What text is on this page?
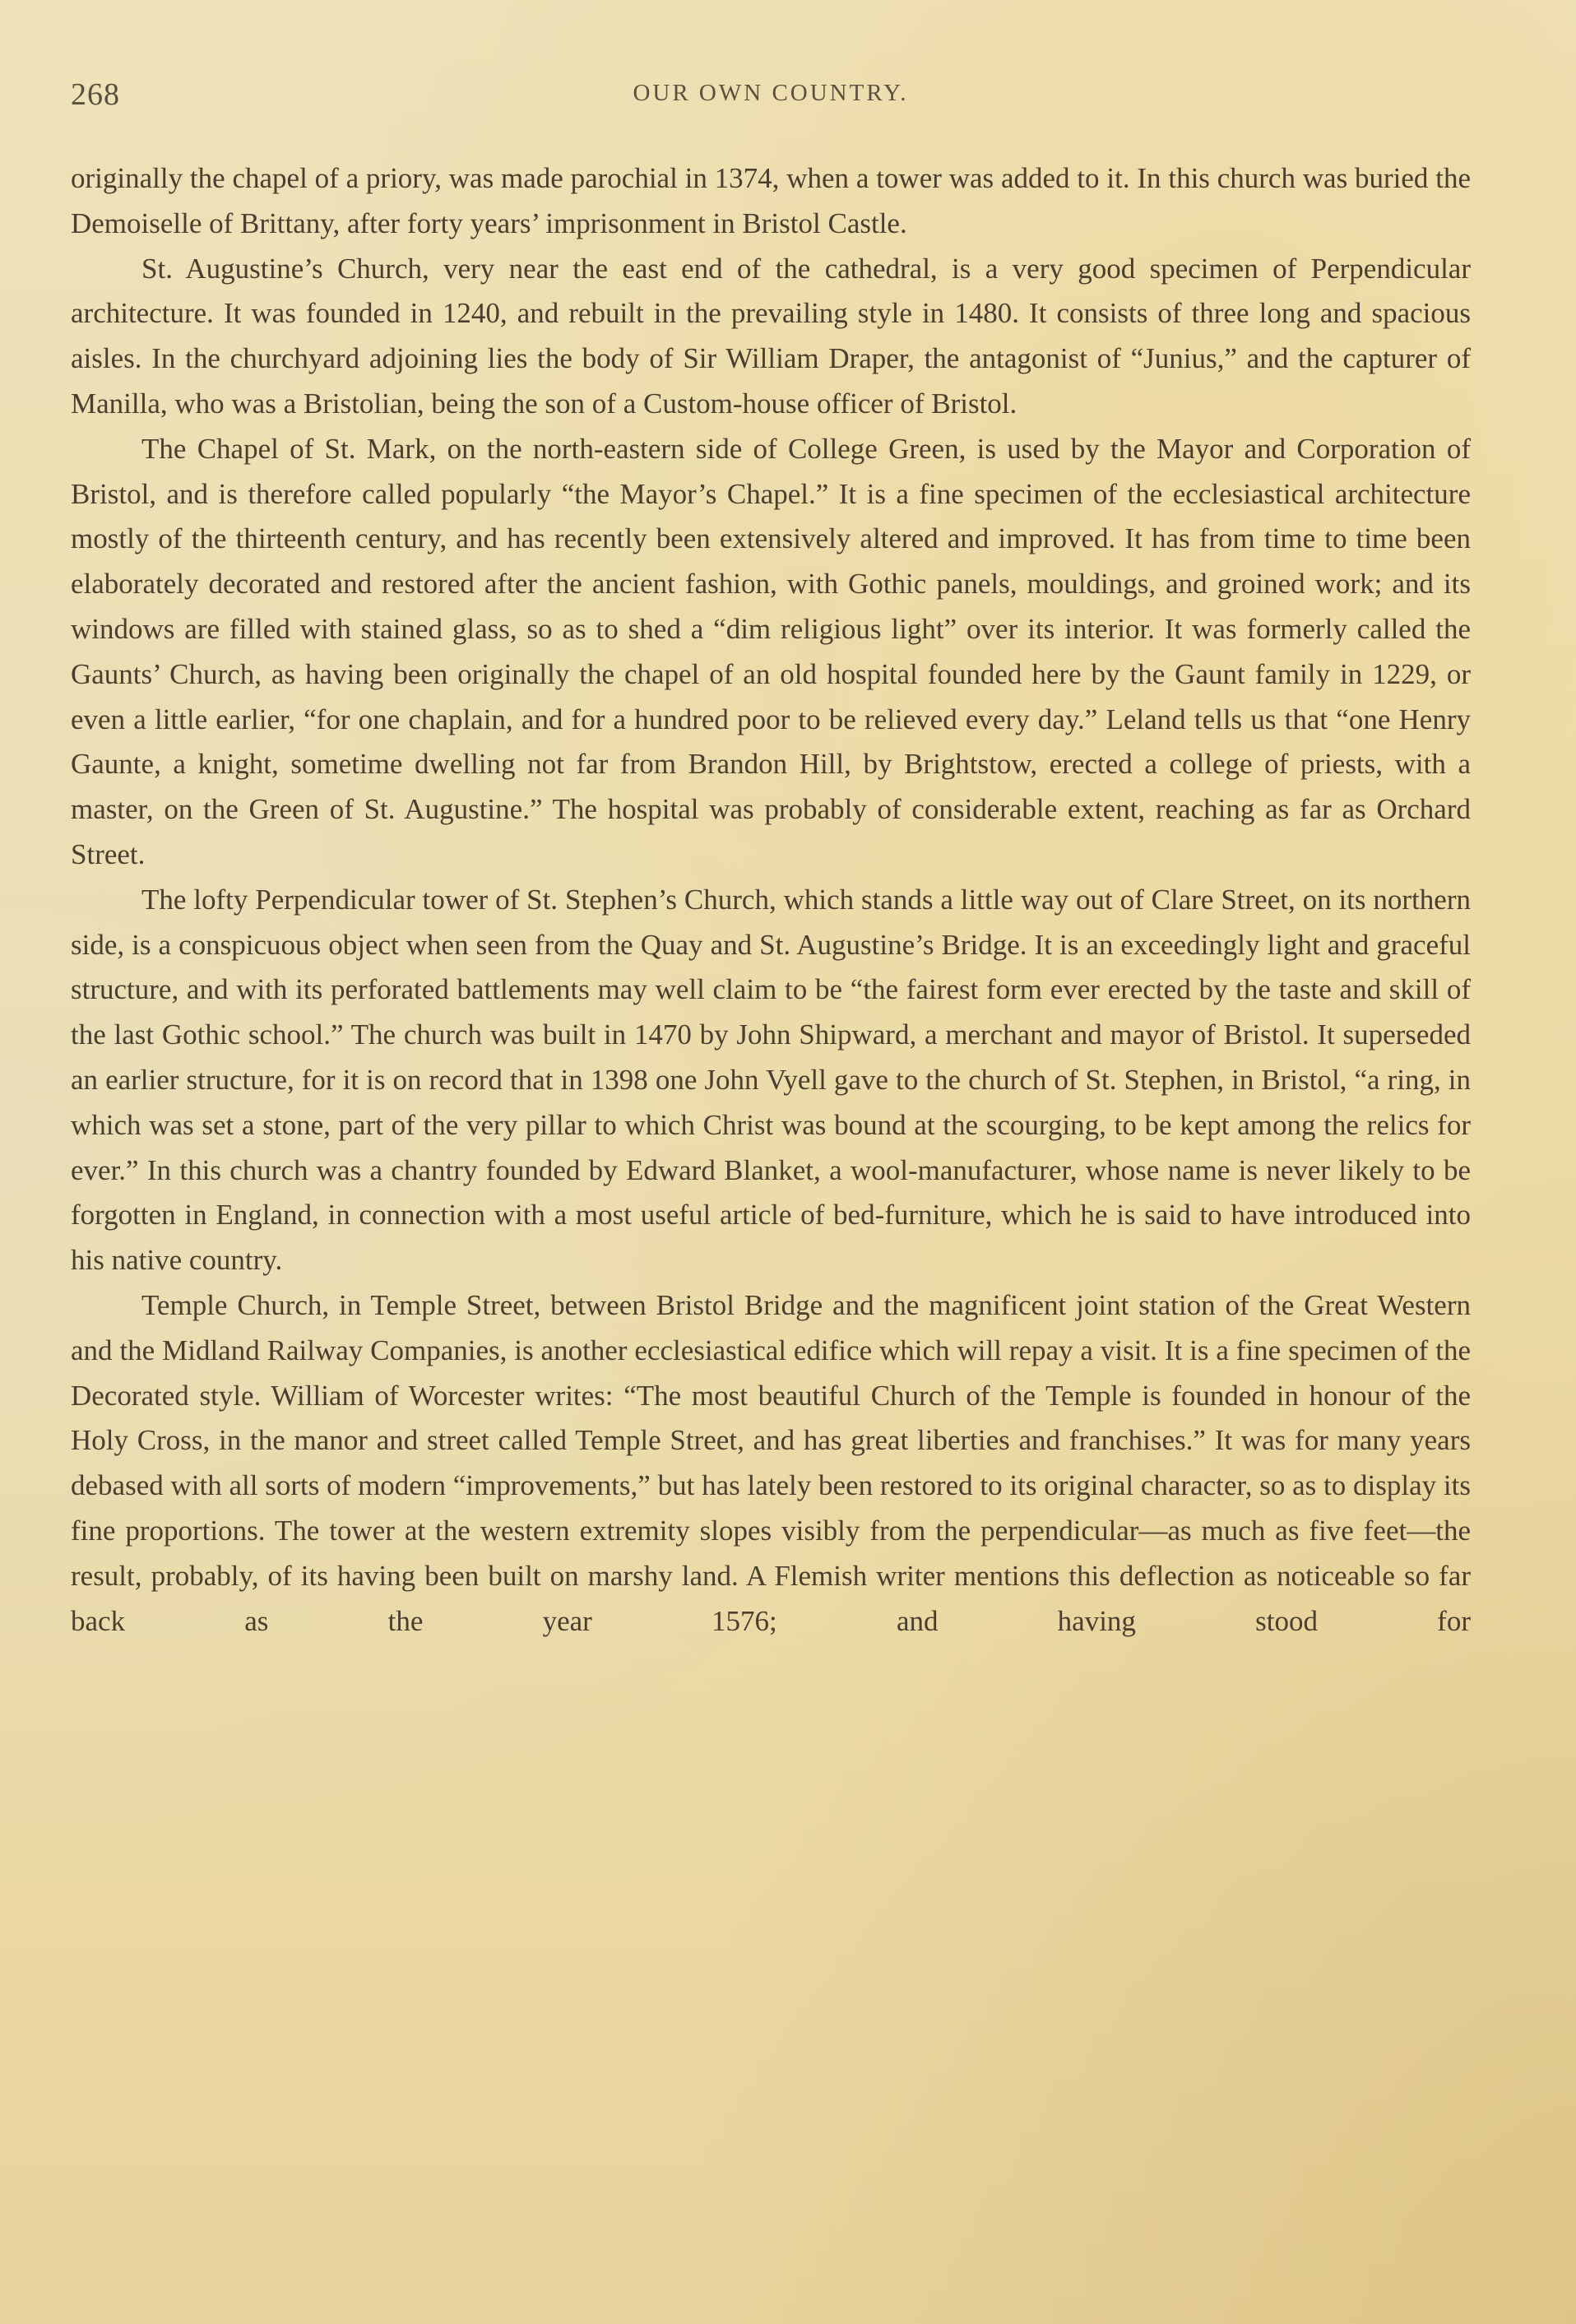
268	OUR OWN COUNTRY.

originally the chapel of a priory, was made parochial in 1374, when a tower was added to it. In this church was buried the Demoiselle of Brittany, after forty years’ imprisonment in Bristol Castle.

St. Augustine’s Church, very near the east end of the cathedral, is a very good specimen of Perpendicular architecture. It was founded in 1240, and rebuilt in the prevailing style in 1480. It consists of three long and spacious aisles. In the churchyard adjoining lies the body of Sir William Draper, the antagonist of “Junius,” and the capturer of Manilla, who was a Bristolian, being the son of a Custom-house officer of Bristol.

The Chapel of St. Mark, on the north-eastern side of College Green, is used by the Mayor and Corporation of Bristol, and is therefore called popularly “the Mayor’s Chapel.” It is a fine specimen of the ecclesiastical architecture mostly of the thirteenth century, and has recently been extensively altered and improved. It has from time to time been elaborately decorated and restored after the ancient fashion, with Gothic panels, mouldings, and groined work; and its windows are filled with stained glass, so as to shed a “dim religious light” over its interior. It was formerly called the Gaunts’ Church, as having been originally the chapel of an old hospital founded here by the Gaunt family in 1229, or even a little earlier, “for one chaplain, and for a hundred poor to be relieved every day.” Leland tells us that “one Henry Gaunte, a knight, sometime dwelling not far from Brandon Hill, by Brightstow, erected a college of priests, with a master, on the Green of St. Augustine.” The hospital was probably of considerable extent, reaching as far as Orchard Street.

The lofty Perpendicular tower of St. Stephen’s Church, which stands a little way out of Clare Street, on its northern side, is a conspicuous object when seen from the Quay and St. Augustine’s Bridge. It is an exceedingly light and graceful structure, and with its perforated battlements may well claim to be “the fairest form ever erected by the taste and skill of the last Gothic school.” The church was built in 1470 by John Shipward, a merchant and mayor of Bristol. It superseded an earlier structure, for it is on record that in 1398 one John Vyell gave to the church of St. Stephen, in Bristol, “a ring, in which was set a stone, part of the very pillar to which Christ was bound at the scourging, to be kept among the relics for ever.” In this church was a chantry founded by Edward Blanket, a wool-manufacturer, whose name is never likely to be forgotten in England, in connection with a most useful article of bed-furniture, which he is said to have introduced into his native country.

Temple Church, in Temple Street, between Bristol Bridge and the magnificent joint station of the Great Western and the Midland Railway Companies, is another ecclesiastical edifice which will repay a visit. It is a fine specimen of the Decorated style. William of Worcester writes: “The most beautiful Church of the Temple is founded in honour of the Holy Cross, in the manor and street called Temple Street, and has great liberties and franchises.” It was for many years debased with all sorts of modern “improvements,” but has lately been restored to its original character, so as to display its fine proportions. The tower at the western extremity slopes visibly from the perpendicular—as much as five feet—the result, probably, of its having been built on marshy land. A Flemish writer mentions this deflection as noticeable so far back as the year 1576; and having stood for
